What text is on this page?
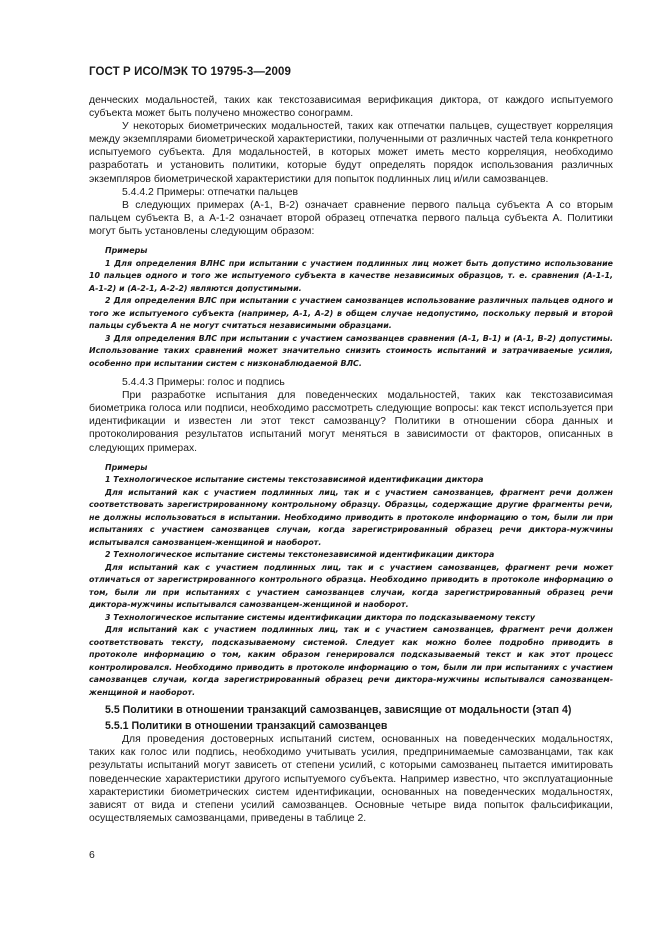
ГОСТ Р ИСО/МЭК ТО 19795-3—2009

денческих модальностей, таких как текстозависимая верификация диктора, от каждого испытуемого субъекта может быть получено множество сонограмм.

У некоторых биометрических модальностей, таких как отпечатки пальцев, существует корреляция между экземплярами биометрической характеристики, полученными от различных частей тела конкретного испытуемого субъекта. Для модальностей, в которых может иметь место корреляция, необходимо разработать и установить политики, которые будут определять порядок использования различных экземпляров биометрической характеристики для попыток подлинных лиц и/или самозванцев.

5.4.4.2 Примеры: отпечатки пальцев

В следующих примерах (А-1, В-2) означает сравнение первого пальца субъекта А со вторым пальцем субъекта В, а А-1-2 означает второй образец отпечатка первого пальца субъекта А. Политики могут быть установлены следующим образом:

Примеры

1 Для определения ВЛНС при испытании с участием подлинных лиц может быть допустимо использование 10 пальцев одного и того же испытуемого субъекта в качестве независимых образцов, т. е. сравнения (А-1-1, А-1-2) и (А-2-1, А-2-2) являются допустимыми.

2 Для определения ВЛС при испытании с участием самозванцев использование различных пальцев одного и того же испытуемого субъекта (например, А-1, А-2) в общем случае недопустимо, поскольку первый и второй пальцы субъекта А не могут считаться независимыми образцами.

3 Для определения ВЛС при испытании с участием самозванцев сравнения (А-1, В-1) и (А-1, В-2) допустимы. Использование таких сравнений может значительно снизить стоимость испытаний и затрачиваемые усилия, особенно при испытании систем с низконаблюдаемой ВЛС.

5.4.4.3 Примеры: голос и подпись

При разработке испытания для поведенческих модальностей, таких как текстозависимая биометрика голоса или подписи, необходимо рассмотреть следующие вопросы: как текст используется при идентификации и известен ли этот текст самозванцу? Политики в отношении сбора данных и протоколирования результатов испытаний могут меняться в зависимости от факторов, описанных в следующих примерах.

Примеры

1 Технологическое испытание системы текстозависимой идентификации диктора

Для испытаний как с участием подлинных лиц, так и с участием самозванцев, фрагмент речи должен соответствовать зарегистрированному контрольному образцу. Образцы, содержащие другие фрагменты речи, не должны использоваться в испытании. Необходимо приводить в протоколе информацию о том, были ли при испытаниях с участием самозванцев случаи, когда зарегистрированный образец речи диктора-мужчины испытывался самозванцем-женщиной и наоборот.

2 Технологическое испытание системы текстонезависимой идентификации диктора

Для испытаний как с участием подлинных лиц, так и с участием самозванцев, фрагмент речи может отличаться от зарегистрированного контрольного образца. Необходимо приводить в протоколе информацию о том, были ли при испытаниях с участием самозванцев случаи, когда зарегистрированный образец речи диктора-мужчины испытывался самозванцем-женщиной и наоборот.

3 Технологическое испытание системы идентификации диктора по подсказываемому тексту

Для испытаний как с участием подлинных лиц, так и с участием самозванцев, фрагмент речи должен соответствовать тексту, подсказываемому системой. Следует как можно более подробно приводить в протоколе информацию о том, каким образом генерировался подсказываемый текст и как этот процесс контролировался. Необходимо приводить в протоколе информацию о том, были ли при испытаниях с участием самозванцев случаи, когда зарегистрированный образец речи диктора-мужчины испытывался самозванцем-женщиной и наоборот.

5.5 Политики в отношении транзакций самозванцев, зависящие от модальности (этап 4)

5.5.1 Политики в отношении транзакций самозванцев

Для проведения достоверных испытаний систем, основанных на поведенческих модальностях, таких как голос или подпись, необходимо учитывать усилия, предпринимаемые самозванцами, так как результаты испытаний могут зависеть от степени усилий, с которыми самозванец пытается имитировать поведенческие характеристики другого испытуемого субъекта. Например известно, что эксплуатационные характеристики биометрических систем идентификации, основанных на поведенческих модальностях, зависят от вида и степени усилий самозванцев. Основные четыре вида попыток фальсификации, осуществляемых самозванцами, приведены в таблице 2.

6
